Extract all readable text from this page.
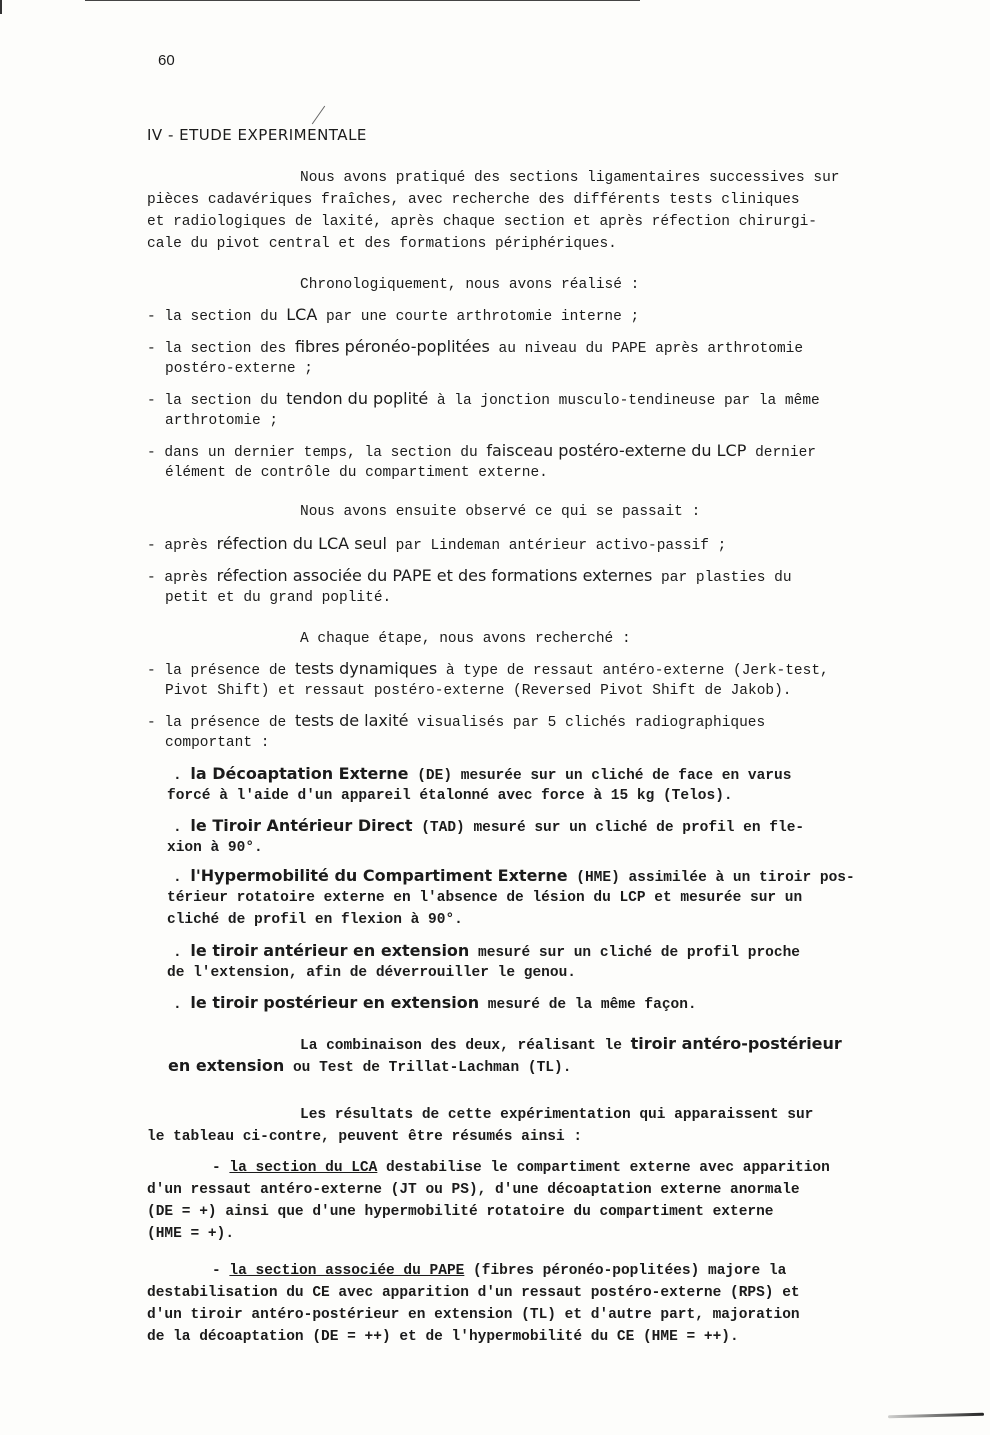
60
IV - ETUDE EXPERIMENTALE
Nous avons pratiqué des sections ligamentaires successives sur
pièces cadavériques fraîches, avec recherche des différents tests cliniques
et radiologiques de laxité, après chaque section et après réfection chirurgi-
cale du pivot central et des formations périphériques.
Chronologiquement, nous avons réalisé :
- la section du LCA par une courte arthrotomie interne ;
- la section des fibres péronéo-poplitées au niveau du PAPE après arthrotomie
postéro-externe ;
- la section du tendon du poplité à la jonction musculo-tendineuse par la même
arthrotomie ;
- dans un dernier temps, la section du faisceau postéro-externe du LCP dernier
élément de contrôle du compartiment externe.
Nous avons ensuite observé ce qui se passait :
- après réfection du LCA seul par Lindeman antérieur activo-passif ;
- après réfection associée du PAPE et des formations externes par plasties du
petit et du grand poplité.
A chaque étape, nous avons recherché :
- la présence de tests dynamiques à type de ressaut antéro-externe (Jerk-test,
Pivot Shift) et ressaut postéro-externe (Reversed Pivot Shift de Jakob).
- la présence de tests de laxité visualisés par 5 clichés radiographiques
comportant :
. la Décoaptation Externe (DE) mesurée sur un cliché de face en varus
forcé à l'aide d'un appareil étalonné avec force à 15 kg (Telos).
. le Tiroir Antérieur Direct (TAD) mesuré sur un cliché de profil en fle-
xion à 90°.
. l'Hypermobilité du Compartiment Externe (HME) assimilée à un tiroir pos-
térieur rotatoire externe en l'absence de lésion du LCP et mesurée sur un
cliché de profil en flexion à 90°.
. le tiroir antérieur en extension mesuré sur un cliché de profil proche
de l'extension, afin de déverrouiller le genou.
. le tiroir postérieur en extension mesuré de la même façon.
La combinaison des deux, réalisant le tiroir antéro-postérieur
en extension ou Test de Trillat-Lachman (TL).
Les résultats de cette expérimentation qui apparaissent sur
le tableau ci-contre, peuvent être résumés ainsi :
- la section du LCA destabilise le compartiment externe avec apparition
d'un ressaut antéro-externe (JT ou PS), d'une décoaptation externe anormale
(DE = +) ainsi que d'une hypermobilité rotatoire du compartiment externe
(HME = +).
- la section associée du PAPE (fibres péronéo-poplitées) majore la
destabilisation du CE avec apparition d'un ressaut postéro-externe (RPS) et
d'un tiroir antéro-postérieur en extension (TL) et d'autre part, majoration
de la décoaptation (DE = ++) et de l'hypermobilité du CE (HME = ++).
